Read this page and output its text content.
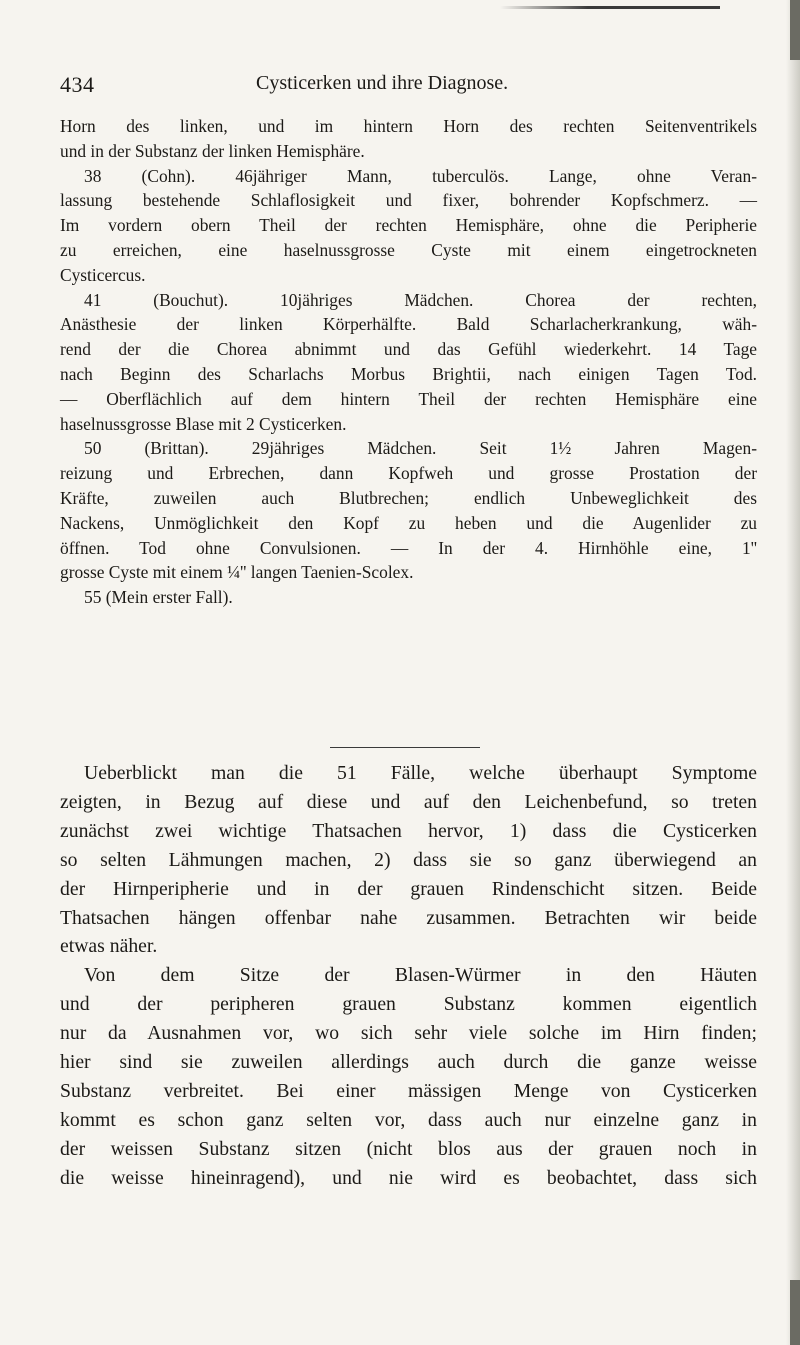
434	Cysticerken und ihre Diagnose.

Horn des linken, und im hintern Horn des rechten Seitenventrikels

und in der Substanz der linken Hemisphäre.

38 (Cohn). 46jähriger Mann, tuberculös. Lange, ohne Veran-

lassung bestehende Schlaflosigkeit und fixer, bohrender Kopfschmerz. —

Im vordern obern Theil der rechten Hemisphäre, ohne die Peripherie

zu erreichen, eine haselnussgrosse Cyste mit einem eingetrockneten

Cysticercus.

41 (Bouchut). 10jähriges Mädchen. Chorea der rechten,

Anästhesie der linken Körperhälfte. Bald Scharlacherkrankung, wäh-

rend der die Chorea abnimmt und das Gefühl wiederkehrt. 14 Tage

nach Beginn des Scharlachs Morbus Brightii, nach einigen Tagen Tod.

— Oberflächlich auf dem hintern Theil der rechten Hemisphäre eine

haselnussgrosse Blase mit 2 Cysticerken.

50 (Brittan). 29jähriges Mädchen. Seit 1½ Jahren Magen-

reizung und Erbrechen, dann Kopfweh und grosse Prostation der

Kräfte, zuweilen auch Blutbrechen; endlich Unbeweglichkeit des

Nackens, Unmöglichkeit den Kopf zu heben und die Augenlider zu

öffnen. Tod ohne Convulsionen. — In der 4. Hirnhöhle eine, 1''

grosse Cyste mit einem ¼'' langen Taenien-Scolex.

55 (Mein erster Fall).

Ueberblickt man die 51 Fälle, welche überhaupt Symptome

zeigten, in Bezug auf diese und auf den Leichenbefund, so treten

zunächst zwei wichtige Thatsachen hervor, 1) dass die Cysticerken

so selten Lähmungen machen, 2) dass sie so ganz überwiegend an

der Hirnperipherie und in der grauen Rindenschicht sitzen. Beide

Thatsachen hängen offenbar nahe zusammen. Betrachten wir beide

etwas näher.

Von dem Sitze der Blasen-Würmer in den Häuten

und der peripheren grauen Substanz kommen eigentlich

nur da Ausnahmen vor, wo sich sehr viele solche im Hirn finden;

hier sind sie zuweilen allerdings auch durch die ganze weisse

Substanz verbreitet. Bei einer mässigen Menge von Cysticerken

kommt es schon ganz selten vor, dass auch nur einzelne ganz in

der weissen Substanz sitzen (nicht blos aus der grauen noch in

die weisse hineinragend), und nie wird es beobachtet, dass sich
